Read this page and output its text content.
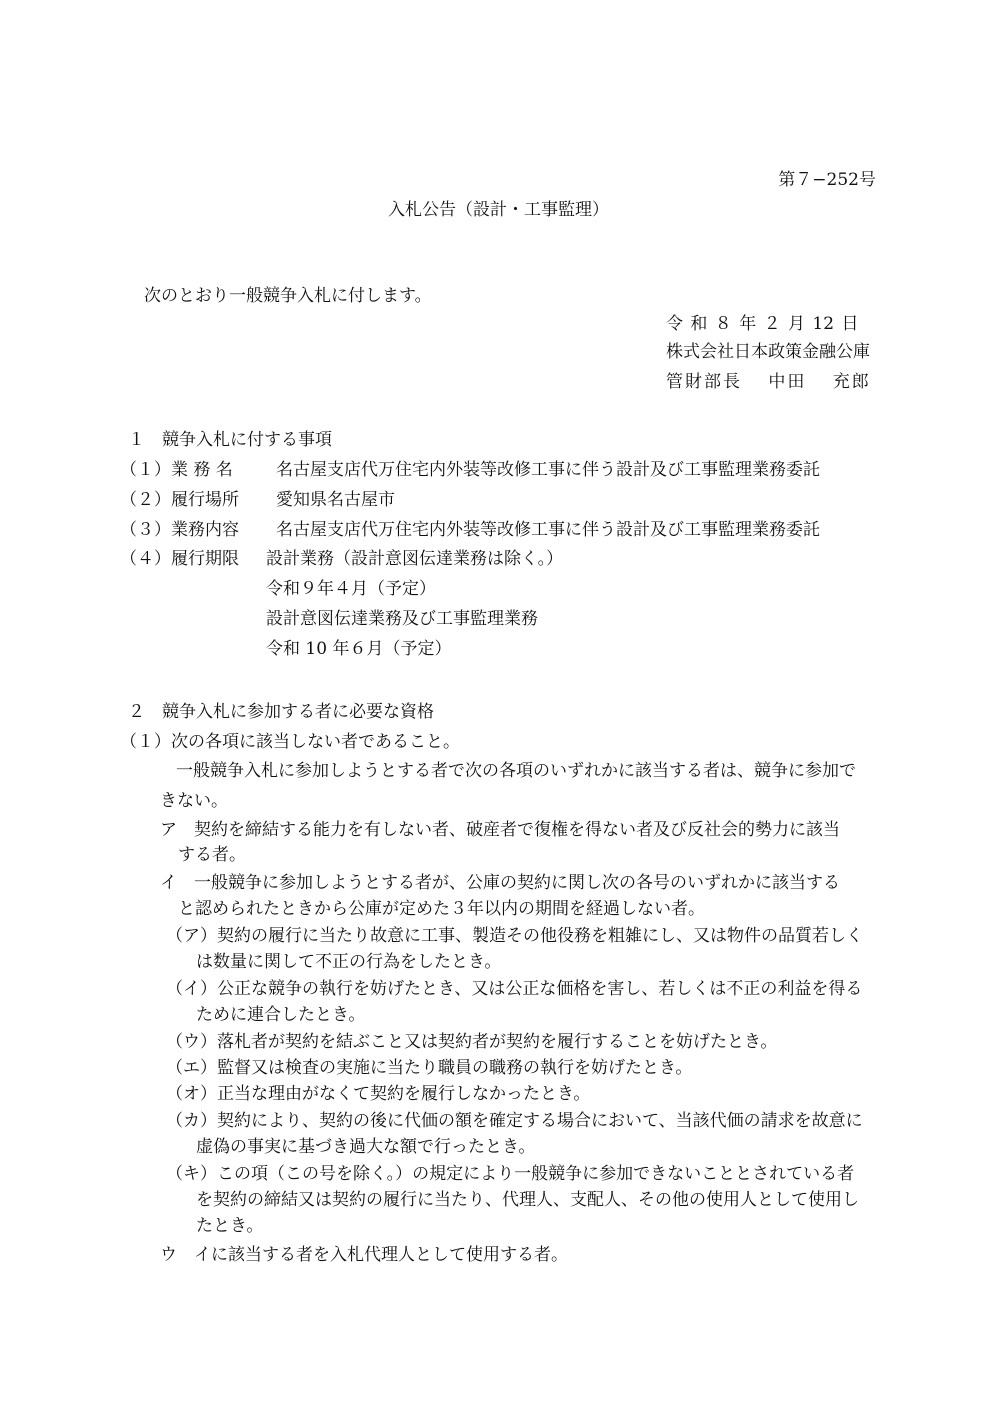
第７−252号
入札公告（設計・工事監理）
次のとおり一般競争入札に付します。
令 和 ８ 年 ２ 月 12 日
株式会社日本政策金融公庫
管財部長　 中田　 充郎
１　競争入札に付する事項
（１）業 務 名	名古屋支店代万住宅内外装等改修工事に伴う設計及び工事監理業務委託
（２）履行場所 愛知県名古屋市
（３）業務内容 名古屋支店代万住宅内外装等改修工事に伴う設計及び工事監理業務委託
（４）履行期限 設計業務（設計意図伝達業務は除く。）
令和９年４月（予定）
設計意図伝達業務及び工事監理業務
令和 10 年６月（予定）
２　競争入札に参加する者に必要な資格
（１）次の各項に該当しない者であること。
一般競争入札に参加しようとする者で次の各項のいずれかに該当する者は、競争に参加で
きない。
ア　契約を締結する能力を有しない者、破産者で復権を得ない者及び反社会的勢力に該当
する者。
イ　一般競争に参加しようとする者が、公庫の契約に関し次の各号のいずれかに該当する
と認められたときから公庫が定めた３年以内の期間を経過しない者。
（ア）契約の履行に当たり故意に工事、製造その他役務を粗雑にし、又は物件の品質若しく
は数量に関して不正の行為をしたとき。
（イ）公正な競争の執行を妨げたとき、又は公正な価格を害し、若しくは不正の利益を得る
ために連合したとき。
（ウ）落札者が契約を結ぶこと又は契約者が契約を履行することを妨げたとき。
（エ）監督又は検査の実施に当たり職員の職務の執行を妨げたとき。
（オ）正当な理由がなくて契約を履行しなかったとき。
（カ）契約により、契約の後に代価の額を確定する場合において、当該代価の請求を故意に
虚偽の事実に基づき過大な額で行ったとき。
（キ）この項（この号を除く。）の規定により一般競争に参加できないこととされている者
を契約の締結又は契約の履行に当たり、代理人、支配人、その他の使用人として使用し
たとき。
ウ　イに該当する者を入札代理人として使用する者。
